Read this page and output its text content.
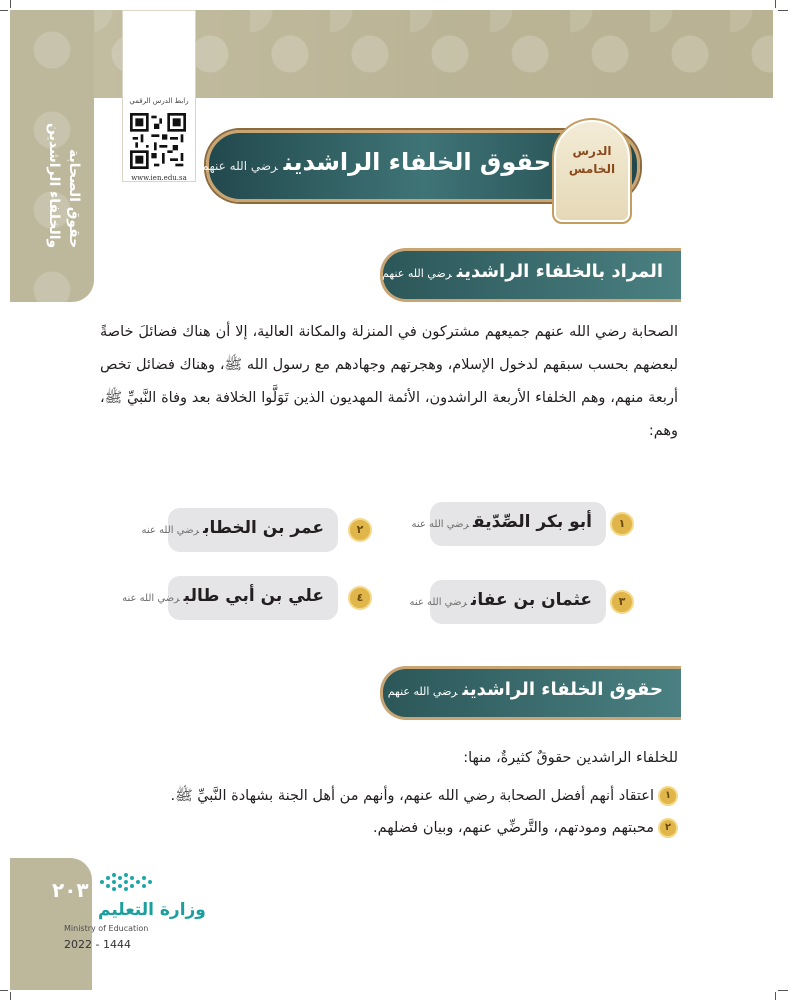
حقوق الصحابة والخلفاء الراشدين
رابط الدرس الرقمي
www.ien.edu.sa
حقوق الخلفاء الراشدينرضي الله عنهم
الدرس
الخامس
المراد بالخلفاء الراشدينرضي الله عنهم
الصحابة رضي الله عنهم جميعهم مشتركون في المنزلة والمكانة العالية، إلا أن هناك فضائلَ خاصةً لبعضهم بحسب سبقهم لدخول الإسلام، وهجرتهم وجهادهم مع رسول الله ﷺ، وهناك فضائل تخص أربعة منهم، وهم الخلفاء الأربعة الراشدون، الأئمة المهديون الذين تَوَلَّوا الخلافة بعد وفاة النَّبيِّ ﷺ، وهم:
أبو بكر الصِّدّيقرضي الله عنه	١
عمر بن الخطابرضي الله عنه	٢
عثمان بن عفانرضي الله عنه	٣
علي بن أبي طالبرضي الله عنه	٤
حقوق الخلفاء الراشدينرضي الله عنهم
للخلفاء الراشدين حقوقٌ كثيرةٌ، منها:
١اعتقاد أنهم أفضل الصحابة رضي الله عنهم، وأنهم من أهل الجنة بشهادة النَّبيِّ ﷺ.
٢محبتهم ومودتهم، والتَّرضِّي عنهم، وبيان فضلهم.
٢٠٣
وزارة التعليم
Ministry of Education
2022 - 1444
